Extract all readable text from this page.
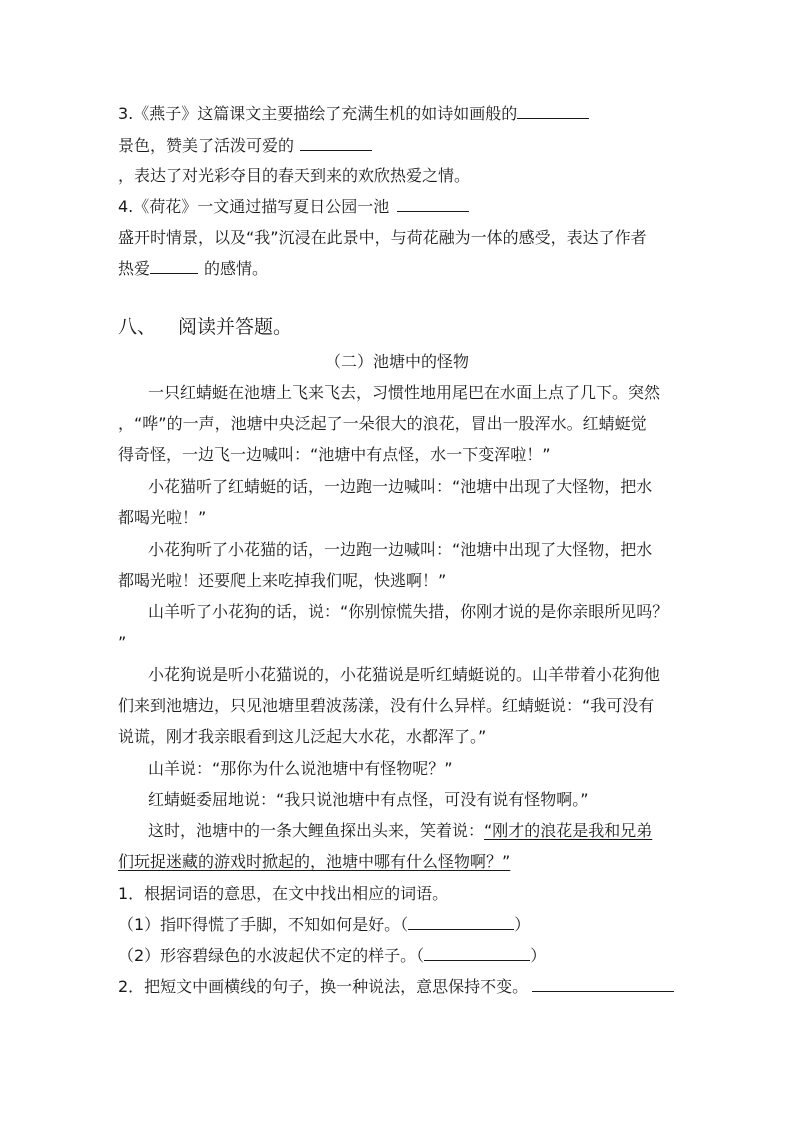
3.《燕子》这篇课文主要描绘了充满生机的如诗如画般的
景色，赞美了活泼可爱的
，表达了对光彩夺目的春天到来的欢欣热爱之情。
4.《荷花》一文通过描写夏日公园一池
盛开时情景，以及“我”沉浸在此景中，与荷花融为一体的感受，表达了作者
热爱	的感情。
八、 阅读并答题。
（二）池塘中的怪物
一只红蜻蜓在池塘上飞来飞去，习惯性地用尾巴在水面上点了几下。突然
，“哗”的一声，池塘中央泛起了一朵很大的浪花，冒出一股浑水。红蜻蜓觉
得奇怪，一边飞一边喊叫：“池塘中有点怪，水一下变浑啦！”
小花猫听了红蜻蜓的话，一边跑一边喊叫：“池塘中出现了大怪物，把水
都喝光啦！”
小花狗听了小花猫的话，一边跑一边喊叫：“池塘中出现了大怪物，把水
都喝光啦！还要爬上来吃掉我们呢，快逃啊！”
山羊听了小花狗的话，说：“你别惊慌失措，你刚才说的是你亲眼所见吗？
”
小花狗说是听小花猫说的，小花猫说是听红蜻蜓说的。山羊带着小花狗他
们来到池塘边，只见池塘里碧波荡漾，没有什么异样。红蜻蜓说：“我可没有
说谎，刚才我亲眼看到这儿泛起大水花，水都浑了。”
山羊说：“那你为什么说池塘中有怪物呢？”
红蜻蜓委屈地说：“我只说池塘中有点怪，可没有说有怪物啊。”
这时，池塘中的一条大鲤鱼探出头来，笑着说：“刚才的浪花是我和兄弟
们玩捉迷藏的游戏时掀起的，池塘中哪有什么怪物啊？”
1．根据词语的意思，在文中找出相应的词语。
（1）指吓得慌了手脚，不知如何是好。（	）
（2）形容碧绿色的水波起伏不定的样子。（	）
2．把短文中画横线的句子，换一种说法，意思保持不变。
